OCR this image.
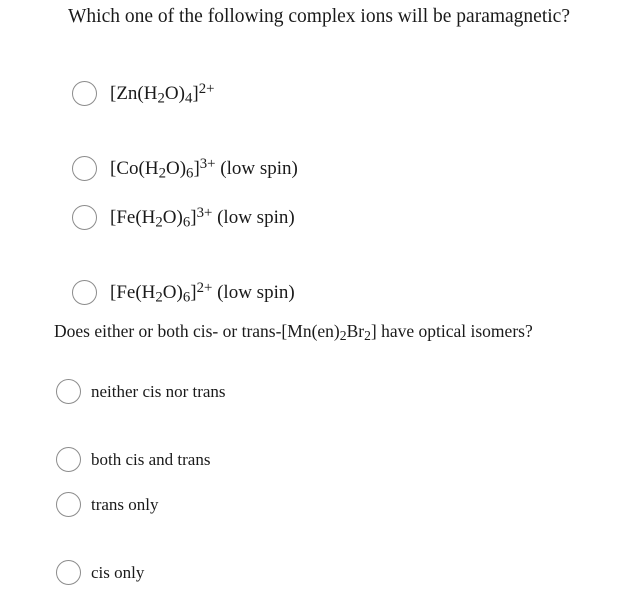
Which one of the following complex ions will be paramagnetic?
$[Zn(H_2O)_4]^{2+}$
$[Co(H_2O)_6]^{3+}$ (low spin)
$[Fe(H_2O)_6]^{3+}$ (low spin)
$[Fe(H_2O)_6]^{2+}$ (low spin)
Does either or both cis- or trans-$[Mn(en)_2Br_2]$ have optical isomers?
neither cis nor trans
both cis and trans
trans only
cis only
